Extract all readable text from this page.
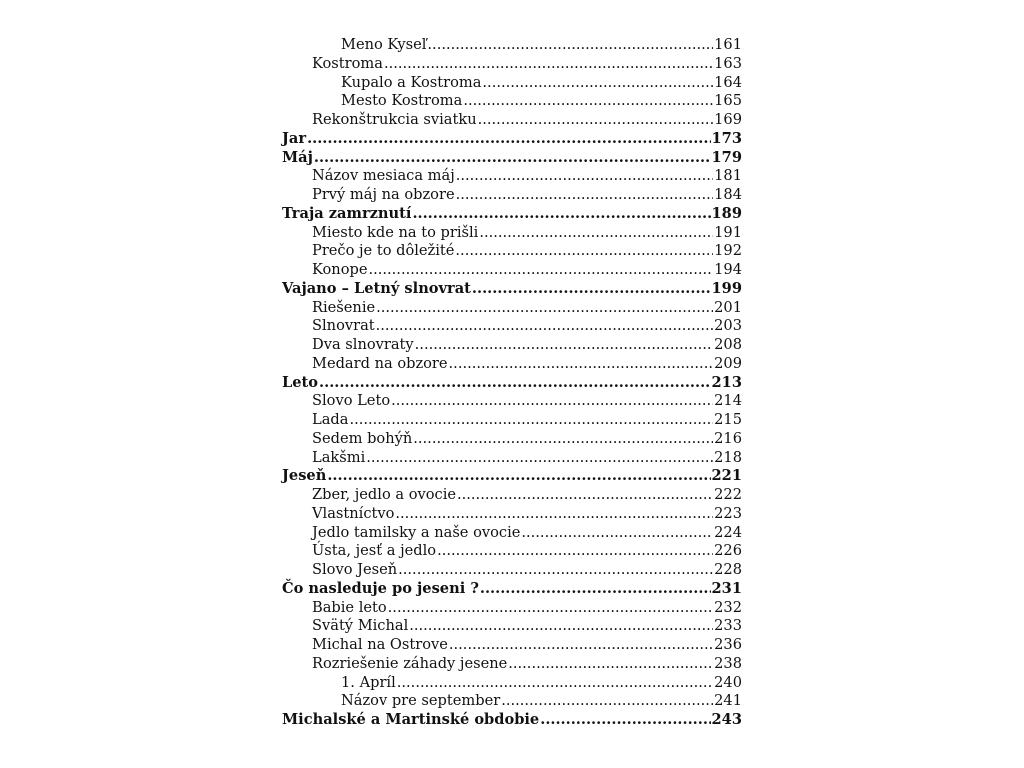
Meno Kyseľ .....	161
Kostroma .....	163
Kupalo a Kostroma .....	164
Mesto Kostroma .....	165
Rekonštrukcia sviatku .....	169
Jar .....	173
Máj .....	179
Názov mesiaca máj .....	181
Prvý máj na obzore .....	184
Traja zamrznutí .....	189
Miesto kde na to prišli .....	191
Prečo je to dôležité .....	192
Konope .....	194
Vajano – Letný slnovrat .....	199
Riešenie .....	201
Slnovrat .....	203
Dva slnovraty .....	208
Medard na obzore .....	209
Leto .....	213
Slovo Leto .....	214
Lada .....	215
Sedem bohýň .....	216
Lakšmi .....	218
Jeseň .....	221
Zber, jedlo a ovocie .....	222
Vlastníctvo .....	223
Jedlo tamilsky a naše ovocie .....	224
Ústa, jesť a jedlo .....	226
Slovo Jeseň .....	228
Čo nasleduje po jeseni ? .....	231
Babie leto .....	232
Svätý Michal .....	233
Michal na Ostrove .....	236
Rozriešenie záhady jesene .....	238
1. Apríl .....	240
Názov pre september .....	241
Michalské a Martinské obdobie .....	243
